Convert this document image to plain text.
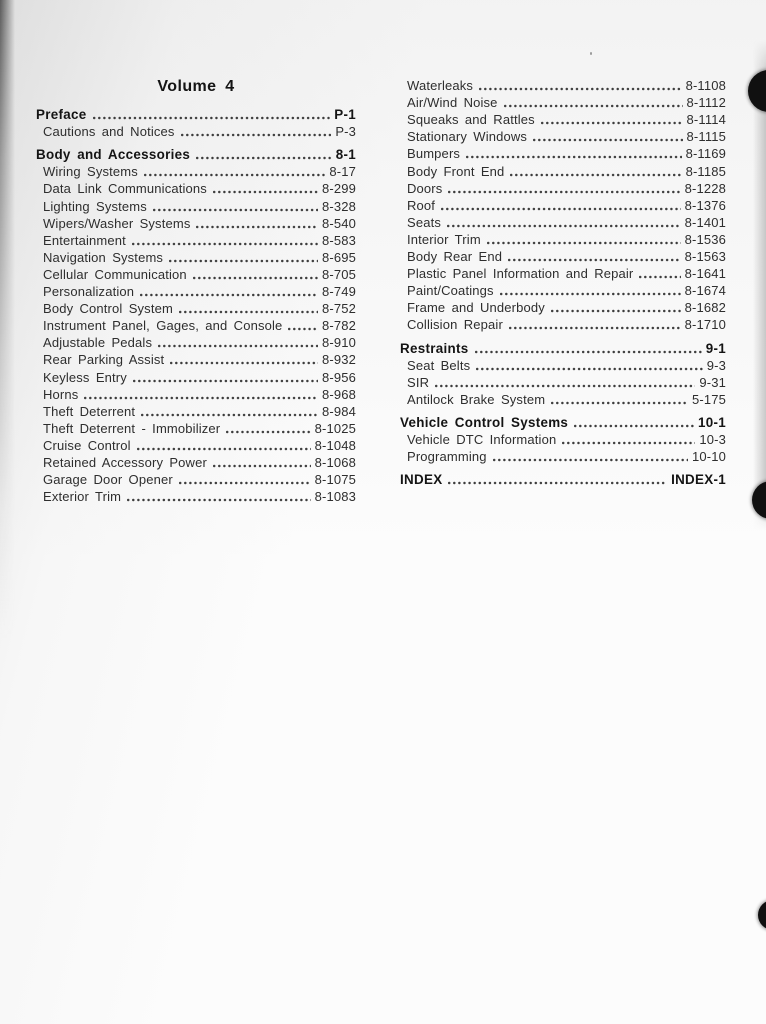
Volume 4
Preface	P-1
Cautions and Notices	P-3
Body and Accessories	8-1
Wiring Systems	8-17
Data Link Communications	8-299
Lighting Systems	8-328
Wipers/Washer Systems	8-540
Entertainment	8-583
Navigation Systems	8-695
Cellular Communication	8-705
Personalization	8-749
Body Control System	8-752
Instrument Panel, Gages, and Console	8-782
Adjustable Pedals	8-910
Rear Parking Assist	8-932
Keyless Entry	8-956
Horns	8-968
Theft Deterrent	8-984
Theft Deterrent - Immobilizer	8-1025
Cruise Control	8-1048
Retained Accessory Power	8-1068
Garage Door Opener	8-1075
Exterior Trim	8-1083
Waterleaks	8-1108
Air/Wind Noise	8-1112
Squeaks and Rattles	8-1114
Stationary Windows	8-1115
Bumpers	8-1169
Body Front End	8-1185
Doors	8-1228
Roof	8-1376
Seats	8-1401
Interior Trim	8-1536
Body Rear End	8-1563
Plastic Panel Information and Repair	8-1641
Paint/Coatings	8-1674
Frame and Underbody	8-1682
Collision Repair	8-1710
Restraints	9-1
Seat Belts	9-3
SIR	9-31
Antilock Brake System	5-175
Vehicle Control Systems	10-1
Vehicle DTC Information	10-3
Programming	10-10
INDEX	INDEX-1
